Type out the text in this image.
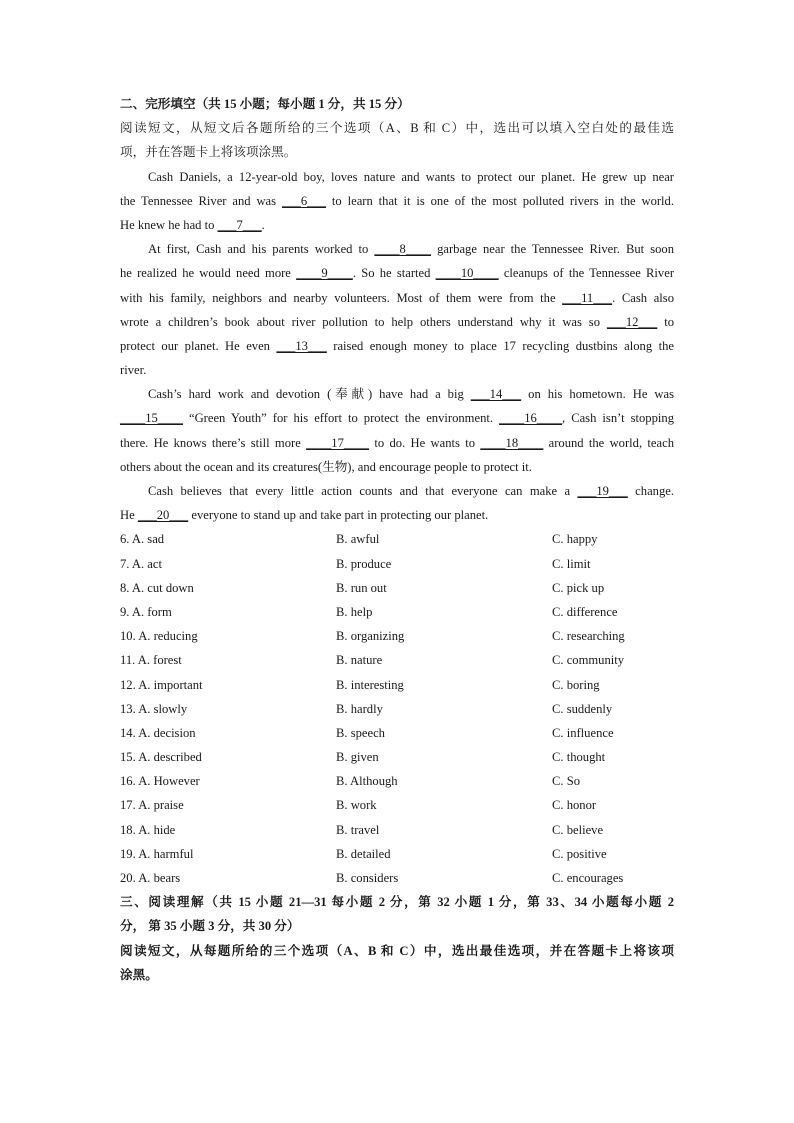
二、完形填空（共 15 小题；每小题 1 分，共 15 分）
阅读短文，从短文后各题所给的三个选项（A、B 和 C）中，选出可以填入空白处的最佳选
项，并在答题卡上将该项涂黑。
Cash Daniels, a 12-year-old boy, loves nature and wants to protect our planet. He grew up near
the Tennessee River and was ___6___ to learn that it is one of the most polluted rivers in the world.
He knew he had to ___7___.
At first, Cash and his parents worked to ____8____ garbage near the Tennessee River. But soon
he realized he would need more ____9____. So he started ____10____ cleanups of the Tennessee River
with his family, neighbors and nearby volunteers. Most of them were from the ___11___. Cash also
wrote a children’s book about river pollution to help others understand why it was so ___12___ to
protect our planet. He even ___13___ raised enough money to place 17 recycling dustbins along the
river.
Cash’s hard work and devotion (奉献) have had a big ___14___ on his hometown. He was
____15____ “Green Youth” for his effort to protect the environment. ____16____, Cash isn’t stopping
there. He knows there’s still more ____17____ to do. He wants to ____18____ around the world, teach
others about the ocean and its creatures(生物), and encourage people to protect it.
Cash believes that every little action counts and that everyone can make a ___19___ change.
He ___20___ everyone to stand up and take part in protecting our planet.
6. A. sad	B. awful	C. happy
7. A. act	B. produce	C. limit
8. A. cut down	B. run out	C. pick up
9. A. form	B. help	C. difference
10. A. reducing	B. organizing	C. researching
11. A. forest	B. nature	C. community
12. A. important	B. interesting	C. boring
13. A. slowly	B. hardly	C. suddenly
14. A. decision	B. speech	C. influence
15. A. described	B. given	C. thought
16. A. However	B. Although	C. So
17. A. praise	B. work	C. honor
18. A. hide	B. travel	C. believe
19. A. harmful	B. detailed	C. positive
20. A. bears	B. considers	C. encourages
三、阅读理解（共 15 小题 21—31 每小题 2 分，第 32 小题 1 分，第 33、34 小题每小题 2
分， 第 35 小题 3 分，共 30 分）
阅读短文，从每题所给的三个选项（A、B 和 C）中，选出最佳选项，并在答题卡上将该项
涂黑。
